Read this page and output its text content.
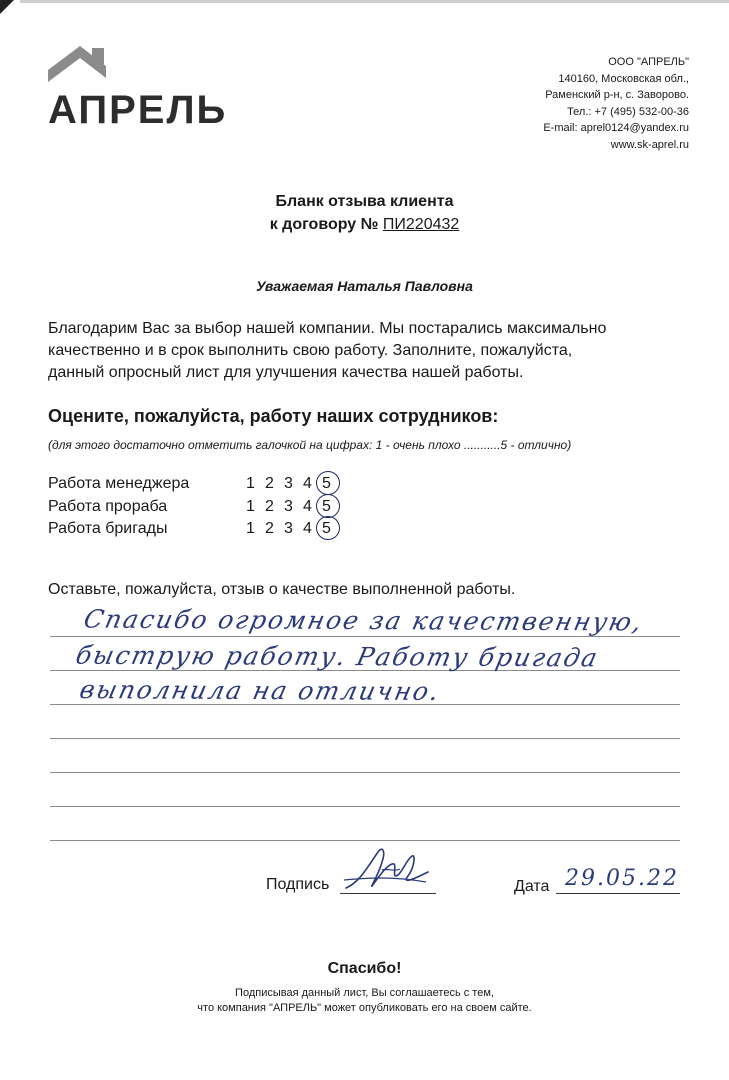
АПРЕЛЬ
ООО "АПРЕЛЬ"
140160, Московская обл.,
Раменский р-н, с. Заворово.
Тел.: +7 (495) 532-00-36
E-mail: aprel0124@yandex.ru
www.sk-aprel.ru
Бланк отзыва клиента
к договору № ПИ220432
Уважаемая Наталья Павловна
Благодарим Вас за выбор нашей компании. Мы постарались максимально
качественно и в срок выполнить свою работу. Заполните, пожалуйста,
данный опросный лист для улучшения качества нашей работы.
Оцените, пожалуйста, работу наших сотрудников:
(для этого достаточно отметить галочкой на цифрах: 1 - очень плохо ...........5 - отлично)
Работа менеджера	1 2 3 4 5
Работа прораба	1 2 3 4 5
Работа бригады	1 2 3 4 5
Оставьте, пожалуйста, отзыв о качестве выполненной работы.
Спасибо огромное за качественную,
быструю работу. Работу бригада
выполнила на отлично.
Подпись	Дата 29.05.22
Спасибо!
Подписывая данный лист, Вы соглашаетесь с тем,
что компания "АПРЕЛЬ" может опубликовать его на своем сайте.
